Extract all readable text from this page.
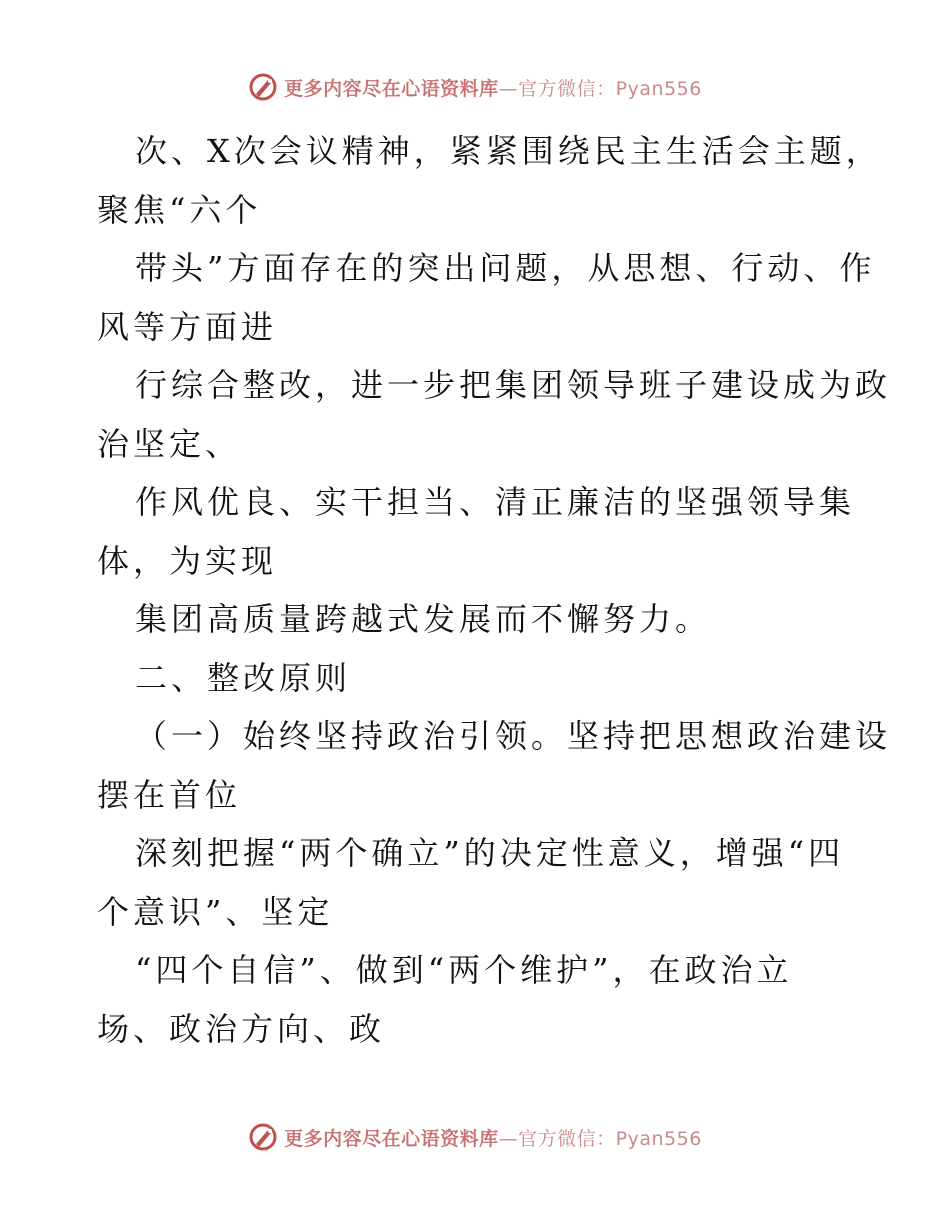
更多内容尽在心语资料库—官方微信：Pyan556
次、X次会议精神，紧紧围绕民主生活会主题，
聚焦“六个
带头”方面存在的突出问题，从思想、行动、作
风等方面进
行综合整改，进一步把集团领导班子建设成为政
治坚定、
作风优良、实干担当、清正廉洁的坚强领导集
体，为实现
集团高质量跨越式发展而不懈努力。
二、整改原则
（一）始终坚持政治引领。坚持把思想政治建设
摆在首位
深刻把握“两个确立”的决定性意义，增强“四
个意识”、坚定
“四个自信”、做到“两个维护”，在政治立
场、政治方向、政
更多内容尽在心语资料库—官方微信：Pyan556
